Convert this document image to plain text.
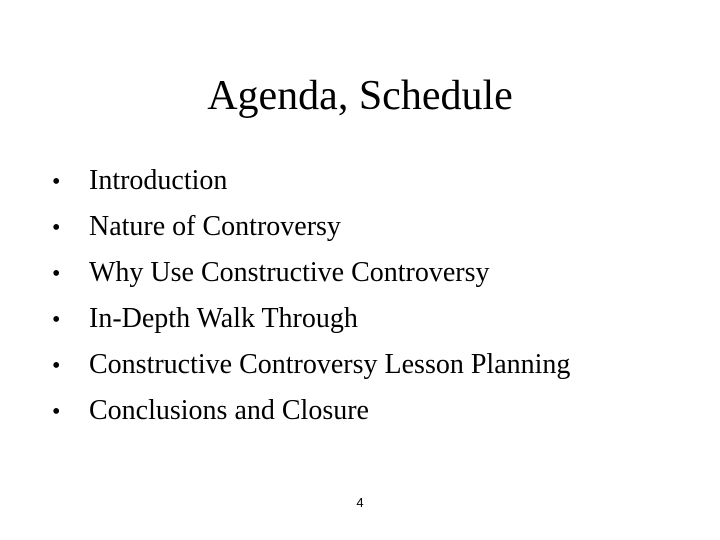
Agenda, Schedule
•	Introduction
•	Nature of Controversy
•	Why Use Constructive Controversy
•	In-Depth Walk Through
•	Constructive Controversy Lesson Planning
•	Conclusions and Closure
4
